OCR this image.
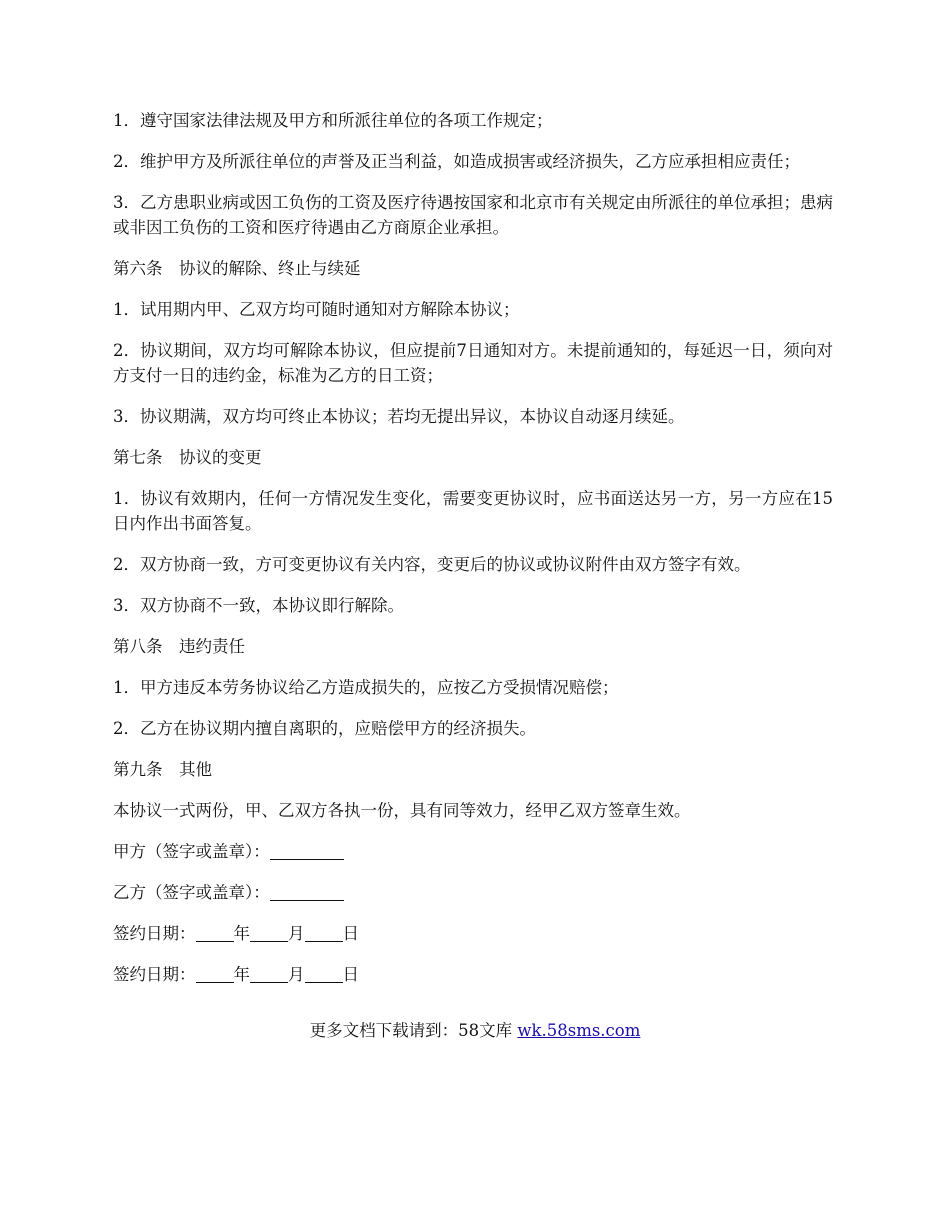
1．遵守国家法律法规及甲方和所派往单位的各项工作规定；

2．维护甲方及所派往单位的声誉及正当利益，如造成损害或经济损失，乙方应承担相应责任；

3．乙方患职业病或因工负伤的工资及医疗待遇按国家和北京市有关规定由所派往的单位承担；患病或非因工负伤的工资和医疗待遇由乙方商原企业承担。

第六条　协议的解除、终止与续延

1．试用期内甲、乙双方均可随时通知对方解除本协议；

2．协议期间，双方均可解除本协议，但应提前7日通知对方。未提前通知的，每延迟一日，须向对方支付一日的违约金，标准为乙方的日工资；

3．协议期满，双方均可终止本协议；若均无提出异议，本协议自动逐月续延。

第七条　协议的变更

1．协议有效期内，任何一方情况发生变化，需要变更协议时，应书面送达另一方，另一方应在15日内作出书面答复。

2．双方协商一致，方可变更协议有关内容，变更后的协议或协议附件由双方签字有效。

3．双方协商不一致，本协议即行解除。

第八条　违约责任

1．甲方违反本劳务协议给乙方造成损失的，应按乙方受损情况赔偿；

2．乙方在协议期内擅自离职的，应赔偿甲方的经济损失。

第九条　其他

本协议一式两份，甲、乙双方各执一份，具有同等效力，经甲乙双方签章生效。

甲方（签字或盖章）：

乙方（签字或盖章）：

签约日期： 年 月 日

签约日期： 年 月 日

更多文档下载请到：58文库 wk.58sms.com
